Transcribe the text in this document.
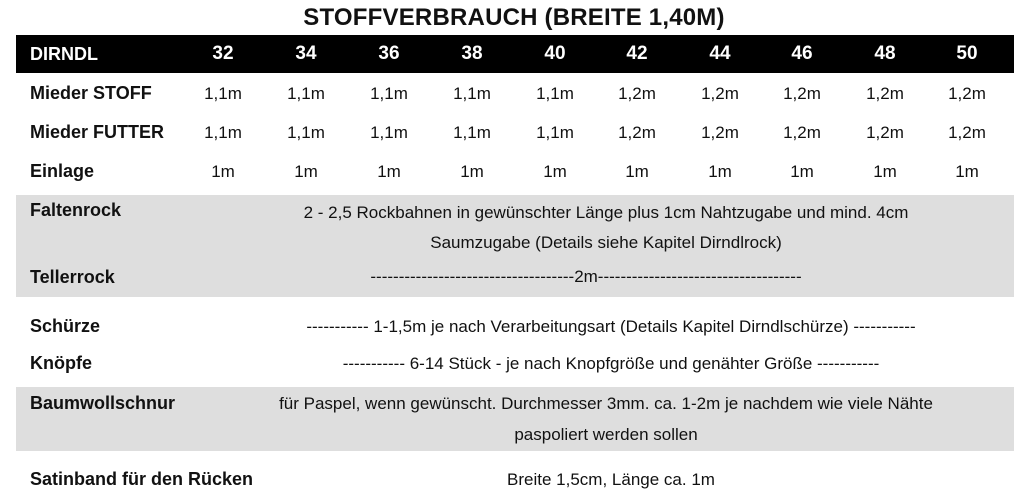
STOFFVERBRAUCH (BREITE 1,40M)
DIRNDL	32	34	36	38	40	42	44	46	48	50
Mieder STOFF	1,1m	1,1m	1,1m	1,1m	1,1m	1,2m	1,2m	1,2m	1,2m	1,2m
Mieder FUTTER	1,1m	1,1m	1,1m	1,1m	1,1m	1,2m	1,2m	1,2m	1,2m	1,2m
Einlage	1m	1m	1m	1m	1m	1m	1m	1m	1m	1m
Faltenrock	2 - 2,5 Rockbahnen in gewünschter Länge plus 1cm Nahtzugabe und mind. 4cm
Saumzugabe (Details siehe Kapitel Dirndlrock)
Tellerrock	------------------------------------2m------------------------------------
Schürze	----------- 1-1,5m je nach Verarbeitungsart (Details Kapitel Dirndlschürze) -----------
Knöpfe	----------- 6-14 Stück - je nach Knopfgröße und genähter Größe -----------
Baumwollschnur	für Paspel, wenn gewünscht. Durchmesser 3mm. ca. 1-2m je nachdem wie viele Nähte
paspoliert werden sollen
Satinband für den Rücken	Breite 1,5cm, Länge ca. 1m
